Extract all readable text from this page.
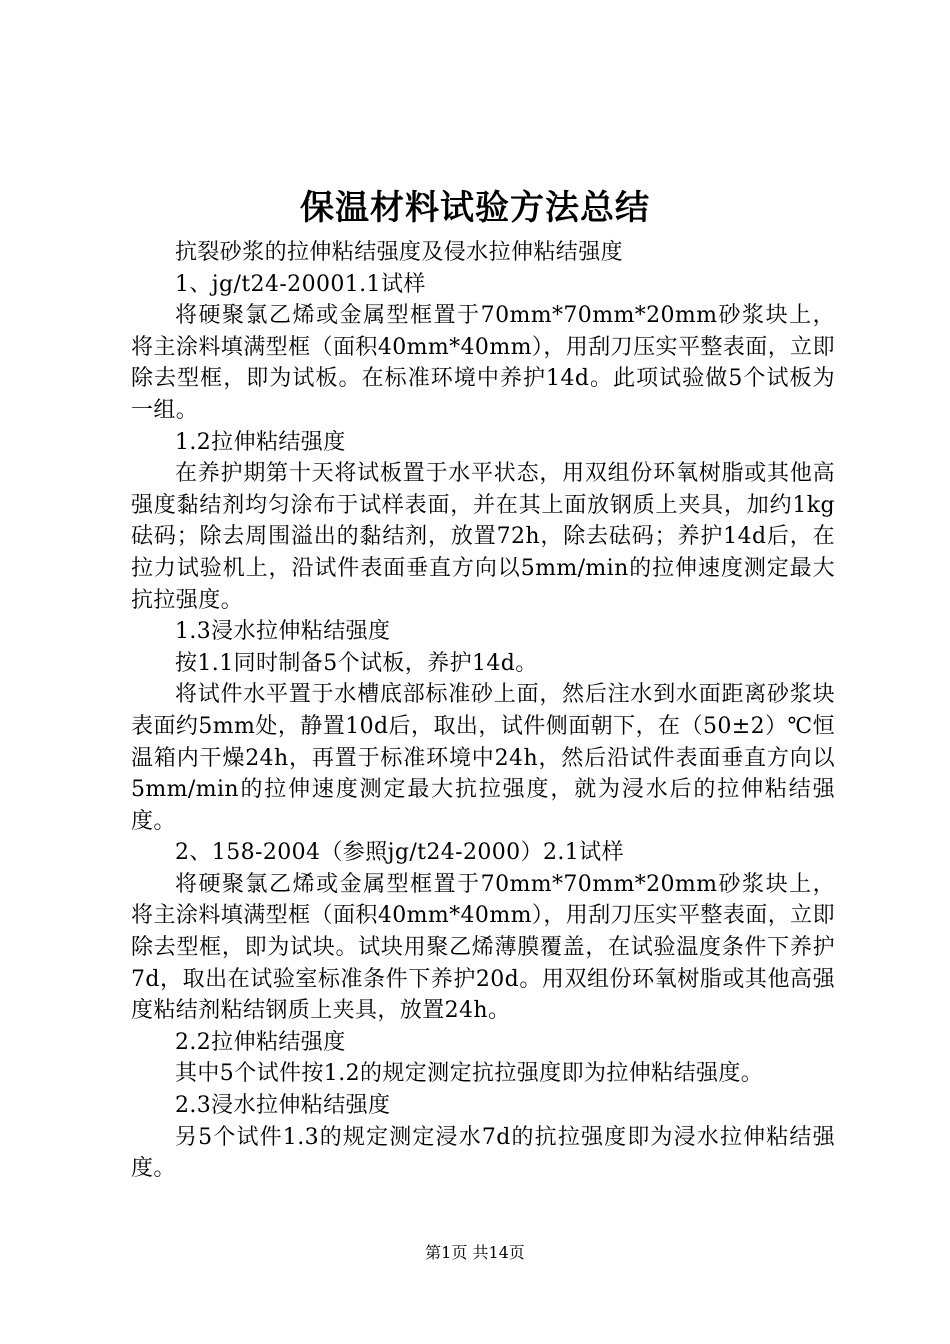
保温材料试验方法总结

抗裂砂浆的拉伸粘结强度及侵水拉伸粘结强度

1、jg/t24-20001.1试样

将硬聚氯乙烯或金属型框置于70mm*70mm*20mm砂浆块上，将主涂料填满型框（面积40mm*40mm），用刮刀压实平整表面，立即除去型框，即为试板。在标准环境中养护14d。此项试验做5个试板为一组。

1.2拉伸粘结强度

在养护期第十天将试板置于水平状态，用双组份环氧树脂或其他高强度黏结剂均匀涂布于试样表面，并在其上面放钢质上夹具，加约1kg砝码；除去周围溢出的黏结剂，放置72h，除去砝码；养护14d后，在拉力试验机上，沿试件表面垂直方向以5mm/min的拉伸速度测定最大抗拉强度。

1.3浸水拉伸粘结强度

按1.1同时制备5个试板，养护14d。

将试件水平置于水槽底部标准砂上面，然后注水到水面距离砂浆块表面约5mm处，静置10d后，取出，试件侧面朝下，在（50±2）℃恒温箱内干燥24h，再置于标准环境中24h，然后沿试件表面垂直方向以5mm/min的拉伸速度测定最大抗拉强度，就为浸水后的拉伸粘结强度。

2、158-2004（参照jg/t24-2000）2.1试样

将硬聚氯乙烯或金属型框置于70mm*70mm*20mm砂浆块上，将主涂料填满型框（面积40mm*40mm），用刮刀压实平整表面，立即除去型框，即为试块。试块用聚乙烯薄膜覆盖，在试验温度条件下养护7d，取出在试验室标准条件下养护20d。用双组份环氧树脂或其他高强度粘结剂粘结钢质上夹具，放置24h。

2.2拉伸粘结强度

其中5个试件按1.2的规定测定抗拉强度即为拉伸粘结强度。

2.3浸水拉伸粘结强度

另5个试件1.3的规定测定浸水7d的抗拉强度即为浸水拉伸粘结强度。

第1页 共14页
